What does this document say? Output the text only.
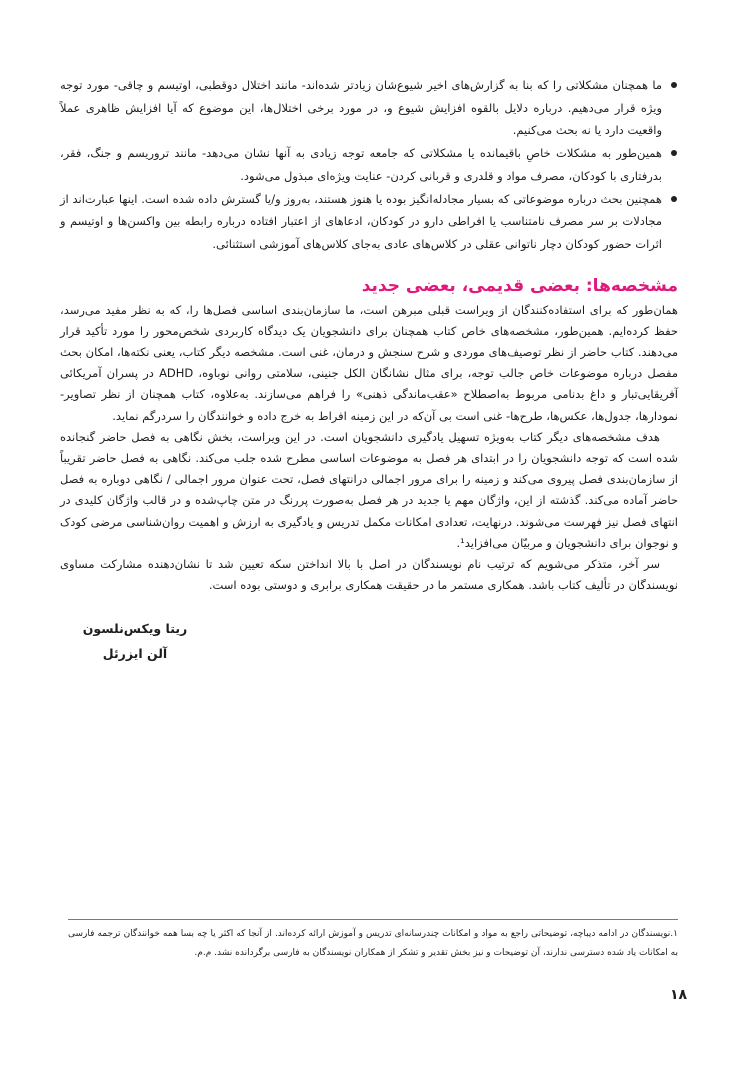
ما همچنان مشکلاتی را که بنا به گزارش‌های اخیر شیوع‌شان زیادتر شده‌اند- مانند اختلال دوقطبی، اوتیسم و چاقی- مورد توجه ویژه قرار می‌دهیم. درباره دلایل بالقوه افزایش شیوع و، در مورد برخی اختلال‌ها، این موضوع که آیا افزایش ظاهری عملاً واقعیت دارد یا نه بحث می‌کنیم.
همین‌طور به مشکلات خاصِ باقیمانده یا مشکلاتی که جامعه توجه زیادی به آنها نشان می‌دهد- مانند تروریسم و جنگ، فقر، بدرفتاری با کودکان، مصرف مواد و قلدری و قربانی کردن- عنایت ویژه‌ای مبذول می‌شود.
همچنین بحث درباره موضوعاتی که بسیار مجادله‌انگیز بوده یا هنوز هستند، به‌روز و/یا گسترش داده شده است. اینها عبارت‌اند از مجادلات بر سر مصرف نامتناسب یا افراطی دارو در کودکان، ادعاهای از اعتبار افتاده درباره رابطه بین واکسن‌ها و اوتیسم و اثرات حضور کودکان دچار ناتوانی عقلی در کلاس‌های عادی به‌جای کلاس‌های آموزشی استثنائی.
مشخصه‌ها: بعضی قدیمی، بعضی جدید

همان‌طور که برای استفاده‌کنندگان از ویراست قبلی مبرهن است، ما سازمان‌بندی اساسی فصل‌ها را، که به نظر مفید می‌رسد، حفظ کرده‌ایم. همین‌طور، مشخصه‌های خاص کتاب همچنان برای دانشجویان یک دیدگاه کاربردی شخص‌محور را مورد تأکید قرار می‌دهند. کتاب حاضر از نظر توصیف‌های موردی و شرح سنجش و درمان، غنی است. مشخصه دیگر کتاب، یعنی نکته‌ها، امکان بحث مفصل درباره موضوعات خاص جالب توجه، برای مثال نشانگان الکل جنینی، سلامتی روانی نوباوه، ADHD در پسران آمریکائی آفریقایی‌تبار و داغ بدنامی مربوط به‌اصطلاح «عقب‌ماندگی ذهنی» را فراهم می‌سازند. به‌علاوه، کتاب همچنان از نظر تصاویر- نمودارها، جدول‌ها، عکس‌ها، طرح‌ها- غنی است بی آن‌که در این زمینه افراط به خرج داده و خوانندگان را سردرگم نماید.

هدف مشخصه‌های دیگر کتاب به‌ویژه تسهیل یادگیری دانشجویان است. در این ویراست، بخش نگاهی به فصل حاضر گنجانده شده است که توجه دانشجویان را در ابتدای هر فصل به موضوعات اساسی مطرح شده جلب می‌کند. نگاهی به فصل حاضر تقریباً از سازمان‌بندی فصل پیروی می‌کند و زمینه را برای مرور اجمالی درانتهای فصل، تحت عنوان مرور اجمالی / نگاهی دوباره به فصل حاضر آماده می‌کند. گذشته از این، واژگان مهم یا جدید در هر فصل به‌صورت پررنگ در متن چاپ‌شده و در قالب واژگان کلیدی در انتهای فصل نیز فهرست می‌شوند. درنهایت، تعدادی امکانات مکمل تدریس و یادگیری به ارزش و اهمیت روان‌شناسی مرضی کودک و نوجوان برای دانشجویان و مربیّان می‌افزاید¹.

سر آخر، متذکر می‌شویم که ترتیب نام نویسندگان در اصل با بالا انداختن سکه تعیین شد تا نشان‌دهنده مشارکت مساوی نویسندگان در تألیف کتاب باشد. همکاری مستمر ما در حقیقت همکاری برابری و دوستی بوده است.

ریتا ویکس‌نلسون
آلن ایزرئل

۱.نویسندگان در ادامه دیباچه، توضیحاتی راجع به مواد و امکانات چندرسانه‌ای تدریس و آموزش ارائه کرده‌اند. از آنجا که اکثر یا چه بسا همه خوانندگان ترجمه فارسی به امکانات یاد شده دسترسی ندارند، آن توضیحات و نیز بخش تقدیر و تشکر از همکاران نویسندگان به فارسی برگردانده نشد. م.م.

۱۸
